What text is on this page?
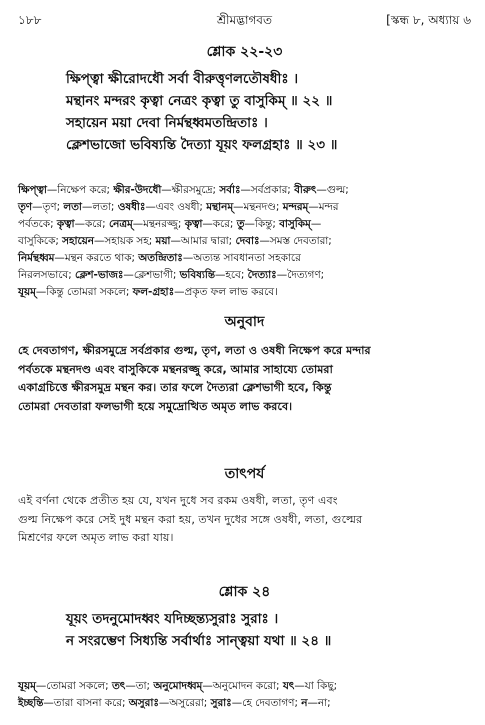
১৮৮	শ্রীমদ্ভাগবত	[স্কন্ধ ৮, অধ্যায় ৬
শ্লোক ২২-২৩
ক্ষিপ্ত্বা ক্ষীরোদধৌ সর্বা বীরুত্তৃণলতৌষধীঃ ।
মন্থানং মন্দরং কৃত্বা নেত্রং কৃত্বা তু বাসুকিম্ ॥ ২২ ॥
সহায়েন ময়া দেবা নির্মন্থধ্বমতন্দ্রিতাঃ ।
ক্লেশভাজো ভবিষ্যন্তি দৈত্যা যূয়ং ফলগ্রহাঃ ॥ ২৩ ॥
ক্ষিপ্ত্বা—নিক্ষেপ করে; ক্ষীর-উদধৌ—ক্ষীরসমুদ্রে; সর্বাঃ—সর্বপ্রকার; বীরুৎ—গুল্ম;
তৃণ—তৃণ; লতা—লতা; ওষধীঃ—এবং ওষধী; মন্থানম্—মন্থনদণ্ড; মন্দরম্—মন্দর
পর্বতকে; কৃত্বা—করে; নেত্রম্—মন্থনরজ্জু; কৃত্বা—করে; তু—কিন্তু; বাসুকিম্—
বাসুকিকে; সহায়েন—সহায়ক সহ; ময়া—আমার দ্বারা; দেবাঃ—সমস্ত দেবতারা;
নির্মন্থধ্বম—মন্থন করতে থাক; অতন্দ্রিতাঃ—অত্যন্ত সাবধানতা সহকারে
নিরলসভাবে; ক্লেশ-ভাজঃ—ক্লেশভাগী; ভবিষ্যন্তি—হবে; দৈত্যাঃ—দৈত্যগণ;
যূয়ম্—কিন্তু তোমরা সকলে; ফল-গ্রহাঃ—প্রকৃত ফল লাভ করবে।
অনুবাদ
হে দেবতাগণ, ক্ষীরসমুদ্রে সর্বপ্রকার গুল্ম, তৃণ, লতা ও ওষধী নিক্ষেপ করে মন্দার
পর্বতকে মন্থনদণ্ড এবং বাসুকিকে মন্থনরজ্জু করে, আমার সাহায্যে তোমরা
একাগ্রচিত্তে ক্ষীরসমুদ্র মন্থন কর। তার ফলে দৈত্যরা ক্লেশভাগী হবে, কিন্তু
তোমরা দেবতারা ফলভাগী হয়ে সমুদ্রোত্থিত অমৃত লাভ করবে।
তাৎপর্য
এই বর্ণনা থেকে প্রতীত হয় যে, যখন দুধে সব রকম ওষধী, লতা, তৃণ এবং
গুল্ম নিক্ষেপ করে সেই দুধ মন্থন করা হয়, তখন দুধের সঙ্গে ওষধী, লতা, গুল্মের
মিশ্রণের ফলে অমৃত লাভ করা যায়।
শ্লোক ২৪
যূয়ং তদনুমোদধ্বং যদিচ্ছন্ত্যসুরাঃ সুরাঃ ।
ন সংরম্ভেণ সিধ্যন্তি সর্বার্থাঃ সান্ত্বয়া যথা ॥ ২৪ ॥
যূয়ম্—তোমরা সকলে; তৎ—তা; অনুমোদধ্বম্—অনুমোদন করো; যৎ—যা কিছু;
ইচ্ছন্তি—তারা বাসনা করে; অসুরাঃ—অসুরেরা; সুরাঃ—হে দেবতাগণ; ন—না;
